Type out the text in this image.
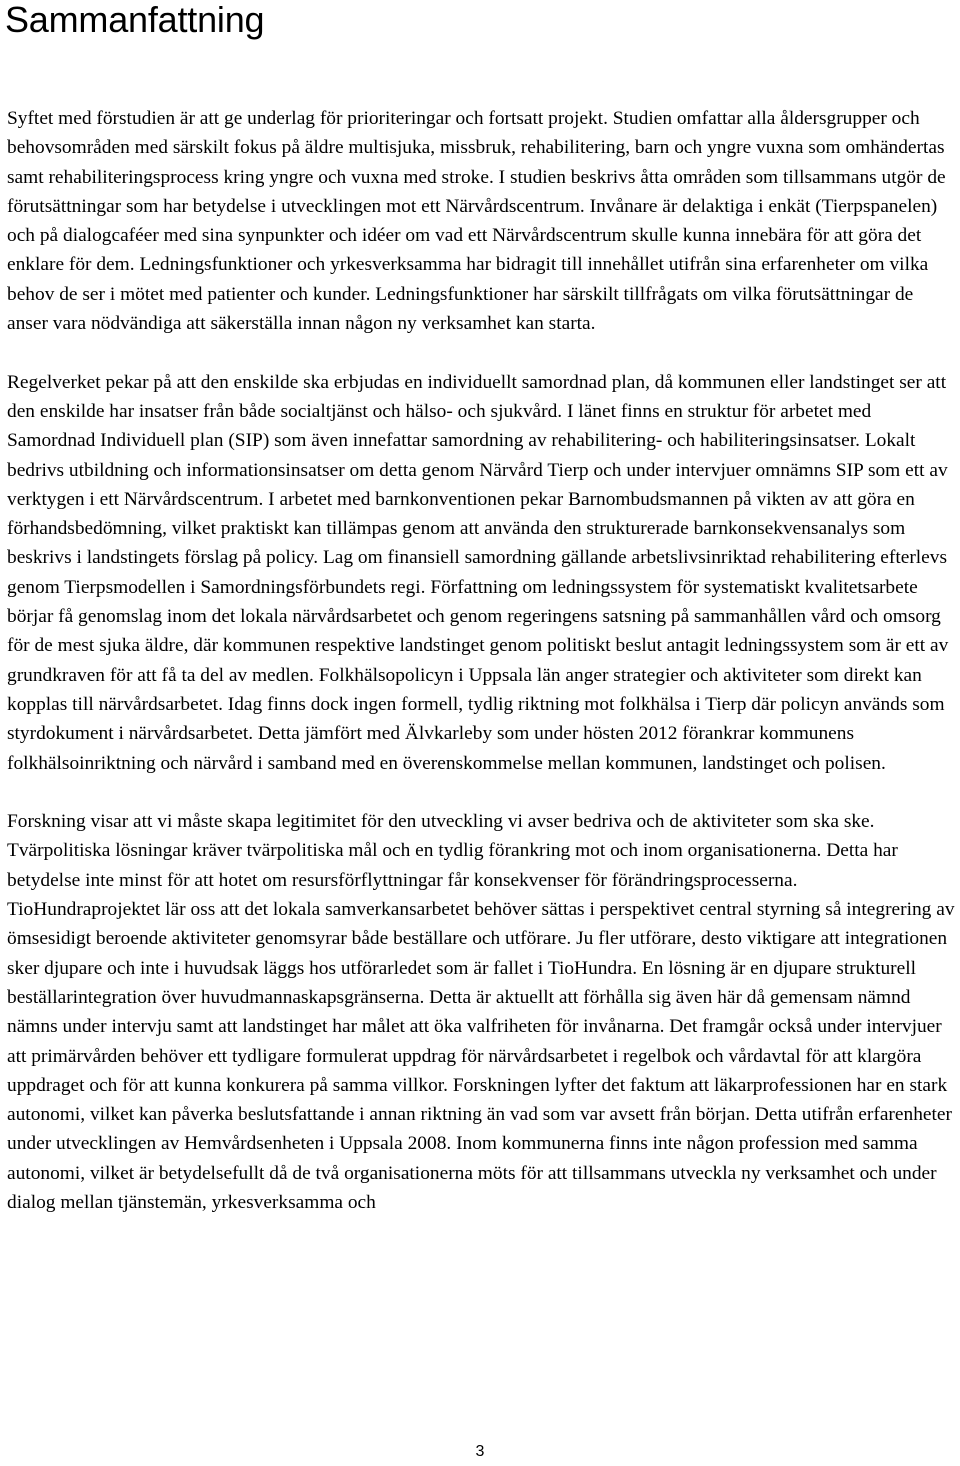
Sammanfattning

Syftet med förstudien är att ge underlag för prioriteringar och fortsatt projekt. Studien omfattar alla åldersgrupper och behovsområden med särskilt fokus på äldre multisjuka, missbruk, rehabilitering, barn och yngre vuxna som omhändertas samt rehabiliteringsprocess kring yngre och vuxna med stroke. I studien beskrivs åtta områden som tillsammans utgör de förutsättningar som har betydelse i utvecklingen mot ett Närvårdscentrum. Invånare är delaktiga i enkät (Tierpspanelen) och på dialogcaféer med sina synpunkter och idéer om vad ett Närvårdscentrum skulle kunna innebära för att göra det enklare för dem. Ledningsfunktioner och yrkesverksamma har bidragit till innehållet utifrån sina erfarenheter om vilka behov de ser i mötet med patienter och kunder. Ledningsfunktioner har särskilt tillfrågats om vilka förutsättningar de anser vara nödvändiga att säkerställa innan någon ny verksamhet kan starta.

Regelverket pekar på att den enskilde ska erbjudas en individuellt samordnad plan, då kommunen eller landstinget ser att den enskilde har insatser från både socialtjänst och hälso- och sjukvård. I länet finns en struktur för arbetet med Samordnad Individuell plan (SIP) som även innefattar samordning av rehabilitering- och habiliteringsinsatser. Lokalt bedrivs utbildning och informationsinsatser om detta genom Närvård Tierp och under intervjuer omnämns SIP som ett av verktygen i ett Närvårdscentrum. I arbetet med barnkonventionen pekar Barnombudsmannen på vikten av att göra en förhandsbedömning, vilket praktiskt kan tillämpas genom att använda den strukturerade barnkonsekvensanalys som beskrivs i landstingets förslag på policy. Lag om finansiell samordning gällande arbetslivsinriktad rehabilitering efterlevs genom Tierpsmodellen i Samordningsförbundets regi. Författning om ledningssystem för systematiskt kvalitetsarbete börjar få genomslag inom det lokala närvårdsarbetet och genom regeringens satsning på sammanhållen vård och omsorg för de mest sjuka äldre, där kommunen respektive landstinget genom politiskt beslut antagit ledningssystem som är ett av grundkraven för att få ta del av medlen. Folkhälsopolicyn i Uppsala län anger strategier och aktiviteter som direkt kan kopplas till närvårdsarbetet. Idag finns dock ingen formell, tydlig riktning mot folkhälsa i Tierp där policyn används som styrdokument i närvårdsarbetet. Detta jämfört med Älvkarleby som under hösten 2012 förankrar kommunens folkhälsoinriktning och närvård i samband med en överenskommelse mellan kommunen, landstinget och polisen.

Forskning visar att vi måste skapa legitimitet för den utveckling vi avser bedriva och de aktiviteter som ska ske. Tvärpolitiska lösningar kräver tvärpolitiska mål och en tydlig förankring mot och inom organisationerna. Detta har betydelse inte minst för att hotet om resursförflyttningar får konsekvenser för förändringsprocesserna. TioHundraprojektet lär oss att det lokala samverkansarbetet behöver sättas i perspektivet central styrning så integrering av ömsesidigt beroende aktiviteter genomsyrar både beställare och utförare. Ju fler utförare, desto viktigare att integrationen sker djupare och inte i huvudsak läggs hos utförarledet som är fallet i TioHundra. En lösning är en djupare strukturell beställarintegration över huvudmannaskapsgränserna. Detta är aktuellt att förhålla sig även här då gemensam nämnd nämns under intervju samt att landstinget har målet att öka valfriheten för invånarna. Det framgår också under intervjuer att primärvården behöver ett tydligare formulerat uppdrag för närvårdsarbetet i regelbok och vårdavtal för att klargöra uppdraget och för att kunna konkurera på samma villkor. Forskningen lyfter det faktum att läkarprofessionen har en stark autonomi, vilket kan påverka beslutsfattande i annan riktning än vad som var avsett från början. Detta utifrån erfarenheter under utvecklingen av Hemvårdsenheten i Uppsala 2008. Inom kommunerna finns inte någon profession med samma autonomi, vilket är betydelsefullt då de två organisationerna möts för att tillsammans utveckla ny verksamhet och under dialog mellan tjänstemän, yrkesverksamma och

3
